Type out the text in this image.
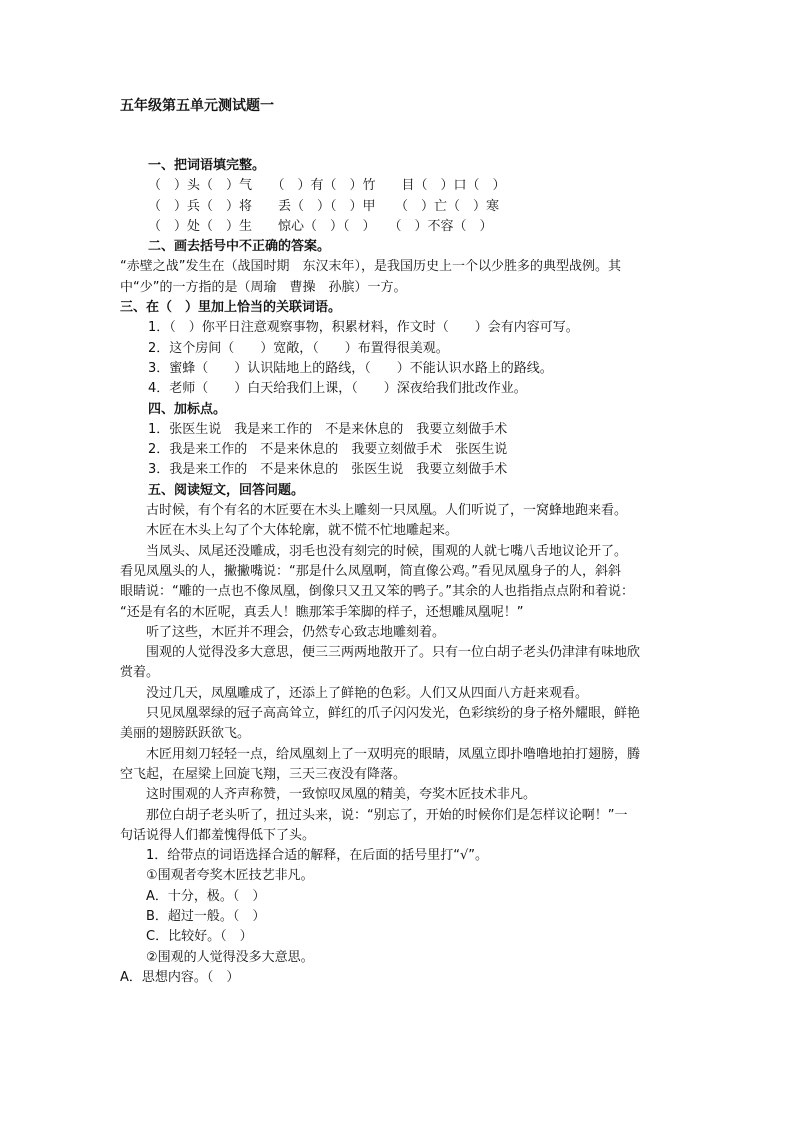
五年级第五单元测试题一
一、把词语填完整。
（　）头（　）气　　（　）有（　）竹　　目（　）口（　）
（　）兵（　）将　　丢（　）（　）甲　　（　）亡（　）寒
（　）处（　）生　　惊心（　）（　）　　（　）不容（　）
二、画去括号中不正确的答案。
“赤壁之战”发生在（战国时期　东汉末年），是我国历史上一个以少胜多的典型战例。其
中“少”的一方指的是（周瑜　曹操　孙膑）一方。
三、在（　）里加上恰当的关联词语。
1．（　）你平日注意观察事物，积累材料，作文时（　　）会有内容可写。
2．这个房间（　　）宽敞，（　　）布置得很美观。
3．蜜蜂（　　）认识陆地上的路线，（　　）不能认识水路上的路线。
4．老师（　　）白天给我们上课，（　　）深夜给我们批改作业。
四、加标点。
1．张医生说　我是来工作的　不是来休息的　我要立刻做手术
2．我是来工作的　不是来休息的　我要立刻做手术　张医生说
3．我是来工作的　不是来休息的　张医生说　我要立刻做手术
五、阅读短文，回答问题。
　　古时候，有个有名的木匠要在木头上雕刻一只凤凰。人们听说了，一窝蜂地跑来看。
　　木匠在木头上勾了个大体轮廓，就不慌不忙地雕起来。
　　当凤头、凤尾还没雕成，羽毛也没有刻完的时候，围观的人就七嘴八舌地议论开了。
看见凤凰头的人，撇撇嘴说：“那是什么凤凰啊，简直像公鸡。”看见凤凰身子的人，斜斜
眼睛说：“雕的一点也不像凤凰，倒像只又丑又笨的鸭子。”其余的人也指指点点附和着说：
“还是有名的木匠呢，真丢人！瞧那笨手笨脚的样子，还想雕凤凰呢！”
　　听了这些，木匠并不理会，仍然专心致志地雕刻着。
　　围观的人觉得没多大意思，便三三两两地散开了。只有一位白胡子老头仍津津有味地欣
赏着。
　　没过几天，凤凰雕成了，还添上了鲜艳的色彩。人们又从四面八方赶来观看。
　　只见凤凰翠绿的冠子高高耸立，鲜红的爪子闪闪发光，色彩缤纷的身子格外耀眼，鲜艳
美丽的翅膀跃跃欲飞。
　　木匠用刻刀轻轻一点，给凤凰刻上了一双明亮的眼睛，凤凰立即扑噜噜地拍打翅膀，腾
空飞起，在屋梁上回旋飞翔，三天三夜没有降落。
　　这时围观的人齐声称赞，一致惊叹凤凰的精美，夸奖木匠技术非凡。
　　那位白胡子老头听了，扭过头来，说：“别忘了，开始的时候你们是怎样议论啊！”一
句话说得人们都羞愧得低下了头。
　　1．给带点的词语选择合适的解释，在后面的括号里打“√”。
　　①围观者夸奖木匠技艺非凡。
　　A．十分，极。（　）
　　B．超过一般。（　）
　　C．比较好。（　）
　　②围观的人觉得没多大意思。
A．思想内容。（　）
